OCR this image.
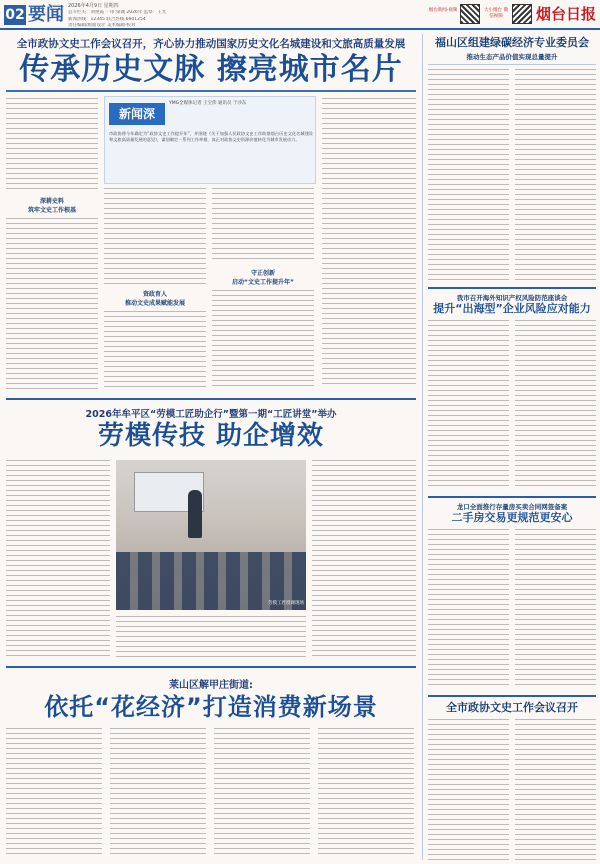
02 要闻 2026年4月9日 星期四
总专栏关：刘艳霞 一审:梁诚 2026年 监察：王光
新闻热线：12345 联合热线 6601254
责任编辑/版面设计 美术编辑·校对
烟台新闻·视频	大小烟台 微信视频	烟台日报
全市政协文史工作会议召开，齐心协力推动国家历史文化名城建设和文旅高质量发展
传承历史文脉 擦亮城市名片
深耕史料
筑牢文史工作根基
新闻深
YMG全媒体记者 王宝伟 通讯员 于沙东
市政协将今年确定为“政协文史工作提升年”，并围绕《关于加强人民政协文史工作助推烟台历史文化名城建设和文旅高质量发展的意见》，谋划制定一系列工作举措，真正对政协文史资源价值转化为城市发展动力。
资政育人
推动文史成果赋能发展
守正创新
启动“文史工作提升年”
2026年牟平区“劳模工匠助企行”暨第一期“工匠讲堂”举办
劳模传技 助企增效
劳模工匠授课现场
莱山区解甲庄街道:
依托“花经济”打造消费新场景
福山区组建绿碳经济专业委员会
推动生态产品价值实现总量提升
我市召开海外知识产权风险防范座谈会
提升“出海型”企业风险应对能力
龙口全面推行存量房买卖合同网签备案
二手房交易更规范更安心
全市政协文史工作会议召开
